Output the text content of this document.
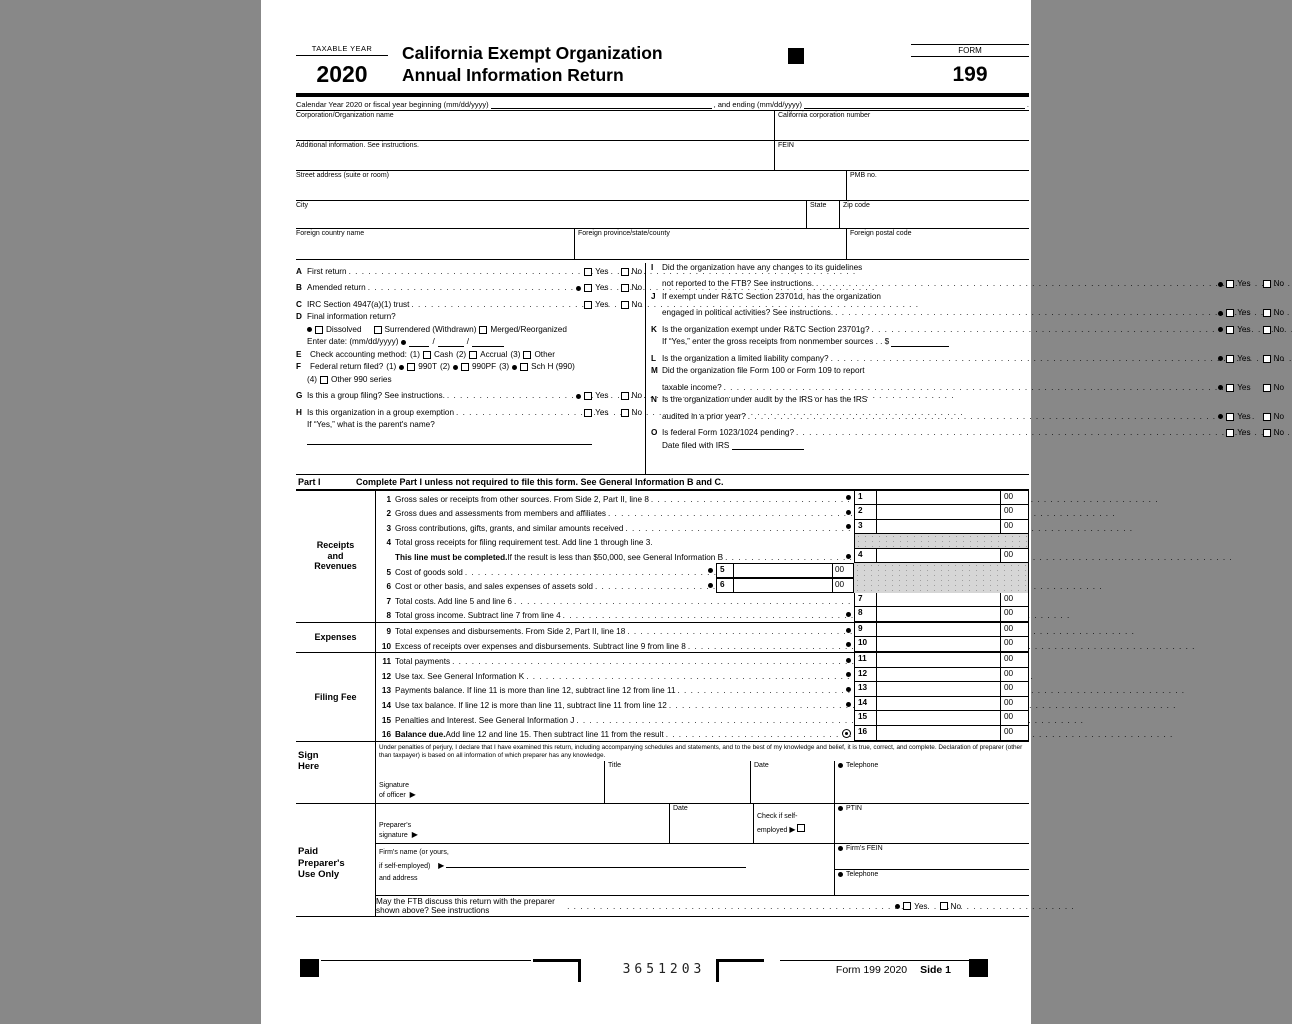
TAXABLE YEAR
2020
California Exempt Organization
Annual Information Return
FORM
199
Calendar Year 2020 or fiscal year beginning (mm/dd/yyyy)	, and ending (mm/dd/yyyy)	.
Corporation/Organization name	California corporation number
Additional information. See instructions.	FEIN
Street address (suite or room)	PMB no.
City	State	Zip code
Foreign country name	Foreign province/state/county	Foreign postal code
A First return . . .	Yes	No
B Amended return . . .	Yes	No
C IRC Section 4947(a)(1) trust . . .	Yes	No
D Final information return?
Dissolved	Surrendered (Withdrawn) Merged/Reorganized
Enter date: (mm/dd/yyyy)	/	/
E	Check accounting method: (1) Cash (2) Accrual (3) Other
F	Federal return filed? (1)	990T (2)	990PF (3)	Sch H (990)
(4) Other 990 series
G Is this a group filing? See instructions. . . .	Yes	No
H Is this organization in a group exemption . . .	Yes	No
If “Yes,” what is the parent's name?
I	Did the organization have any changes to its guidelines
not reported to the FTB? See instructions. . . .	Yes	No
J If exempt under R&TC Section 23701d, has the organization
engaged in political activities? See instructions. . . .	Yes	No
K Is the organization exempt under R&TC Section 23701g? . . .	Yes	No
If “Yes,” enter the gross receipts from nonmember sources . . $
L Is the organization a limited liability company? . . .	Yes	No
M Did the organization file Form 100 or Form 109 to report
taxable income? . . .	Yes	No
N Is the organization under audit by the IRS or has the IRS
audited in a prior year? . . .	Yes	No
O Is federal Form 1023/1024 pending? . . .	Yes	No
Date filed with IRS
Part I	Complete Part I unless not required to file this form. See General Information B and C.
Receipts
and
Revenues
1 Gross sales or receipts from other sources. From Side 2, Part II, line 8 . . .	1	00
2 Gross dues and assessments from members and affiliates . . .	2	00
3 Gross contributions, gifts, grants, and similar amounts received . . .	3	00
4 Total gross receipts for filing requirement test. Add line 1 through line 3.
This line must be completed. If the result is less than $50,000, see General Information B . . .	4	00
5 Cost of goods sold . . .	5	00
6 Cost or other basis, and sales expenses of assets sold . . .	6	00
7 Total costs. Add line 5 and line 6 . . .	7	00
8 Total gross income. Subtract line 7 from line 4 . . .	8	00
Expenses
9 Total expenses and disbursements. From Side 2, Part II, line 18 . . .	9	00
10 Excess of receipts over expenses and disbursements. Subtract line 9 from line 8 . . .	10	00
Filing Fee
11 Total payments . . .	11	00
12 Use tax. See General Information K . . .	12	00
13 Payments balance. If line 11 is more than line 12, subtract line 12 from line 11 . . .	13	00
14 Use tax balance. If line 12 is more than line 11, subtract line 11 from line 12 . . .	14	00
15 Penalties and Interest. See General Information J . . .	15	00
16 Balance due. Add line 12 and line 15. Then subtract line 11 from the result . . .	16	00
Sign
Here
Under penalties of perjury, I declare that I have examined this return, including accompanying schedules and statements, and to the best of my knowledge and belief, it is true, correct, and complete. Declaration of preparer (other than taxpayer) is based on all information of which preparer has any knowledge.
Signature
of officer ▶
Title	Date	Telephone
Paid
Preparer's
Use Only
Preparer's
signature ▶
Date
Check if self-
employed ▶
PTIN
Firm's name (or yours,
if self-employed) ▶
and address
Firm's FEIN
Telephone
May the FTB discuss this return with the preparer shown above? See instructions . . .	Yes	No
3651203	Form 199 2020 Side 1
